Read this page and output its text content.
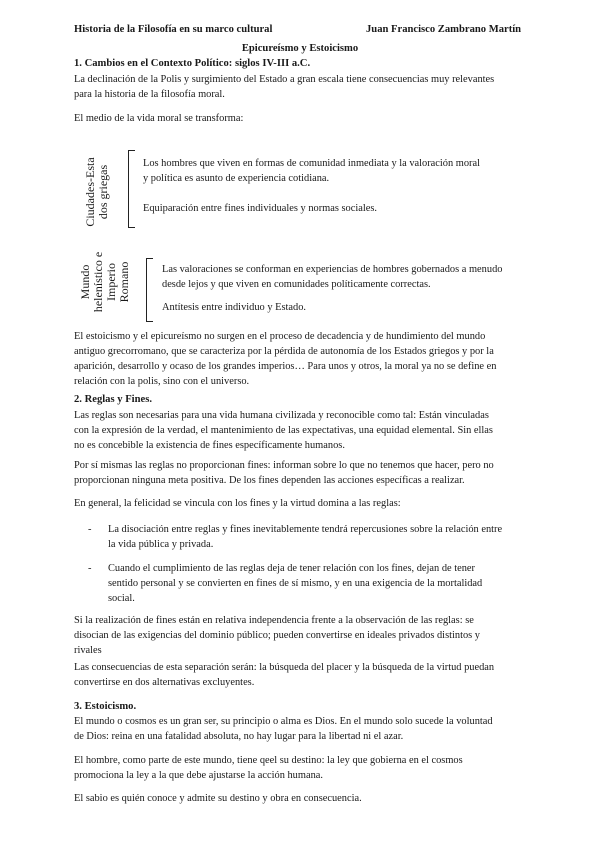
Historia de la Filosofía en su marco cultural	Juan Francisco Zambrano Martín
Epicureísmo y Estoicismo
1. Cambios en el Contexto Político: siglos IV-III a.C.
La declinación de la Polis y surgimiento del Estado a gran escala tiene consecuencias muy relevantes
para la historia de la filosofía moral.
El medio de la vida moral se transforma:
Ciudades-Esta dos griegas
Los hombres que viven en formas de comunidad inmediata y la valoración moral
y política es asunto de experiencia cotidiana.
Equiparación entre fines individuales y normas sociales.
Mundo helenístico e Imperio Romano	Las valoraciones se conforman en experiencias de hombres gobernados a menudo
desde lejos y que viven en comunidades políticamente correctas.
Antítesis entre individuo y Estado.
El estoicismo y el epicureísmo no surgen en el proceso de decadencia y de hundimiento del mundo
antiguo grecorromano, que se caracteriza por la pérdida de autonomía de los Estados griegos y por la
aparición, desarrollo y ocaso de los grandes imperios… Para unos y otros, la moral ya no se define en
relación con la polis, sino con el universo.
2. Reglas y Fines.
Las reglas son necesarias para una vida humana civilizada y reconocible como tal: Están vinculadas
con la expresión de la verdad, el mantenimiento de las expectativas, una equidad elemental. Sin ellas
no es concebible la existencia de fines específicamente humanos.
Por sí mismas las reglas no proporcionan fines: informan sobre lo que no tenemos que hacer, pero no
proporcionan ninguna meta positiva. De los fines dependen las acciones específicas a realizar.
En general, la felicidad se vincula con los fines y la virtud domina a las reglas:
- La disociación entre reglas y fines inevitablemente tendrá repercusiones sobre la relación entre
la vida pública y privada.
- Cuando el cumplimiento de las reglas deja de tener relación con los fines, dejan de tener
sentido personal y se convierten en fines de sí mismo, y en una exigencia de la mortalidad
social.
Si la realización de fines están en relativa independencia frente a la observación de las reglas: se
disocian de las exigencias del dominio público; pueden convertirse en ideales privados distintos y
rivales
Las consecuencias de esta separación serán: la búsqueda del placer y la búsqueda de la virtud puedan
convertirse en dos alternativas excluyentes.
3. Estoicismo.
El mundo o cosmos es un gran ser, su principio o alma es Dios. En el mundo solo sucede la voluntad
de Dios: reina en una fatalidad absoluta, no hay lugar para la libertad ni el azar.
El hombre, como parte de este mundo, tiene qeel su destino: la ley que gobierna en el cosmos
promociona la ley a la que debe ajustarse la acción humana.
El sabio es quién conoce y admite su destino y obra en consecuencia.
